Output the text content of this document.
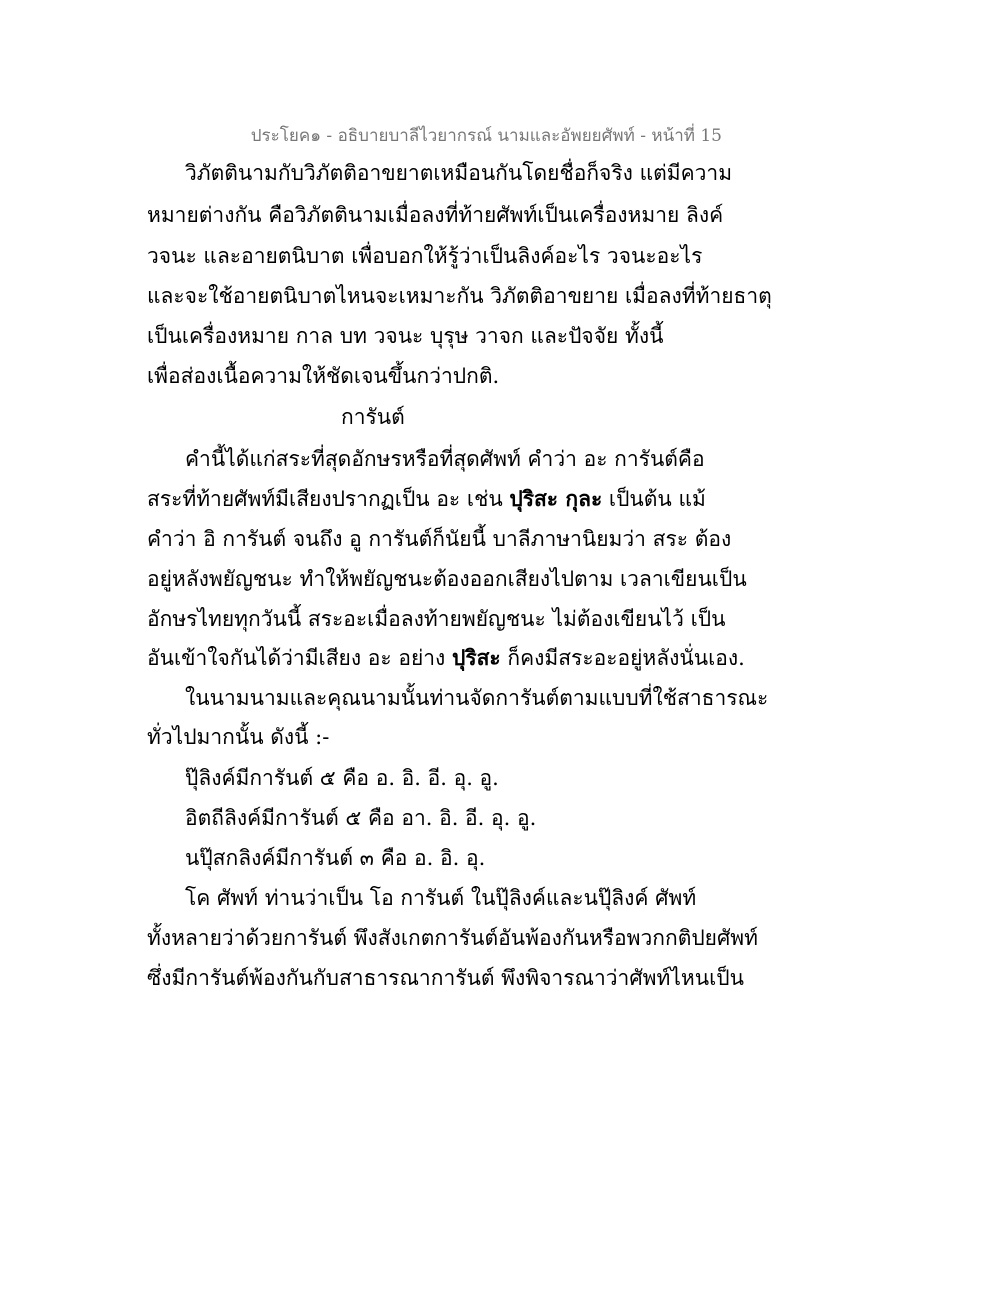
ประโยค๑ - อธิบายบาลีไวยากรณ์ นามและอัพยยศัพท์ - หน้าที่ 15
วิภัตตินามกับวิภัตติอาขยาตเหมือนกันโดยชื่อก็จริง แต่มีความ
หมายต่างกัน คือวิภัตตินามเมื่อลงที่ท้ายศัพท์เป็นเครื่องหมาย ลิงค์
วจนะ และอายตนิบาต เพื่อบอกให้รู้ว่าเป็นลิงค์อะไร วจนะอะไร
และจะใช้อายตนิบาตไหนจะเหมาะกัน วิภัตติอาขยาย เมื่อลงที่ท้ายธาตุ
เป็นเครื่องหมาย กาล บท วจนะ บุรุษ วาจก และปัจจัย ทั้งนี้
เพื่อส่องเนื้อความให้ชัดเจนขึ้นกว่าปกติ.
การันต์
คำนี้ได้แก่สระที่สุดอักษรหรือที่สุดศัพท์ คำว่า อะ การันต์คือ
สระที่ท้ายศัพท์มีเสียงปรากฏเป็น อะ เช่น ปุริสะ กุละ เป็นต้น แม้
คำว่า อิ การันต์ จนถึง อู การันต์ก็นัยนี้ บาลีภาษานิยมว่า สระ ต้อง
อยู่หลังพยัญชนะ ทำให้พยัญชนะต้องออกเสียงไปตาม เวลาเขียนเป็น
อักษรไทยทุกวันนี้ สระอะเมื่อลงท้ายพยัญชนะ ไม่ต้องเขียนไว้ เป็น
อันเข้าใจกันได้ว่ามีเสียง อะ อย่าง ปุริสะ ก็คงมีสระอะอยู่หลังนั่นเอง.
ในนามนามและคุณนามนั้นท่านจัดการันต์ตามแบบที่ใช้สาธารณะ
ทั่วไปมากนั้น ดังนี้ :-
ปุ๊ลิงค์มีการันต์ ๕ คือ อ. อิ. อี. อุ. อู.
อิตถีลิงค์มีการันต์ ๕ คือ อา. อิ. อี. อุ. อู.
นปุ๊สกลิงค์มีการันต์ ๓ คือ อ. อิ. อุ.
โค ศัพท์ ท่านว่าเป็น โอ การันต์ ในปุ๊ลิงค์และนปุ๊ลิงค์ ศัพท์
ทั้งหลายว่าด้วยการันต์ พึงสังเกตการันต์อันพ้องกันหรือพวกกติปยศัพท์
ซึ่งมีการันต์พ้องกันกับสาธารณาการันต์ พึงพิจารณาว่าศัพท์ไหนเป็น
